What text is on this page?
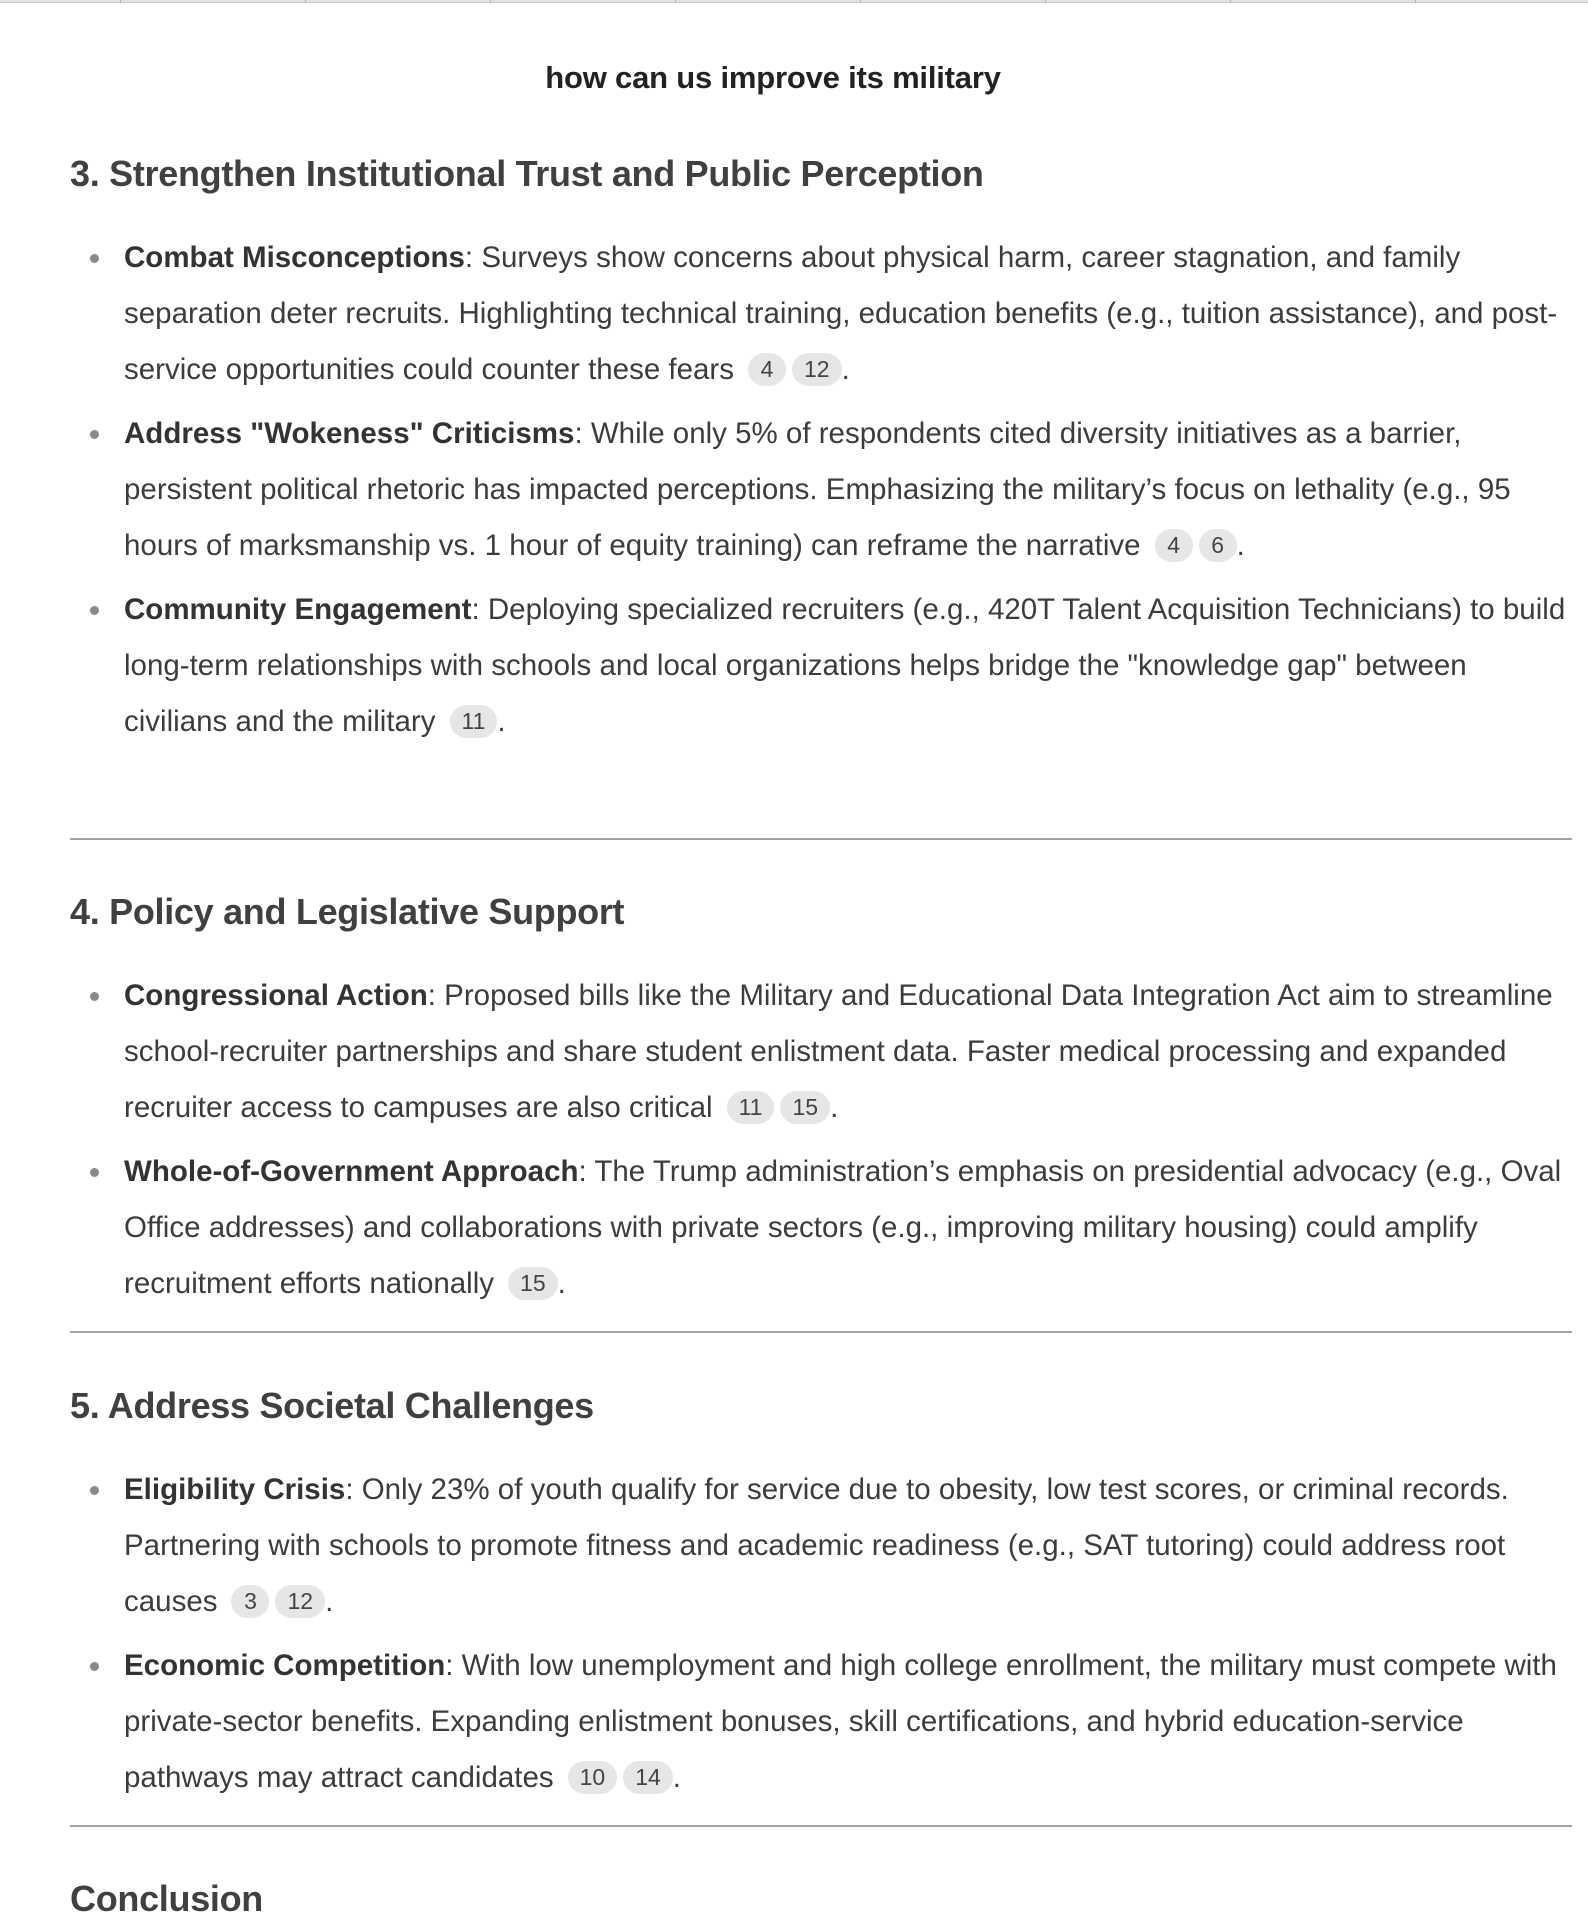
how can us improve its military
3. Strengthen Institutional Trust and Public Perception
Combat Misconceptions: Surveys show concerns about physical harm, career stagnation, and family separation deter recruits. Highlighting technical training, education benefits (e.g., tuition assistance), and post-service opportunities could counter these fears 4 12 .
Address "Wokeness" Criticisms: While only 5% of respondents cited diversity initiatives as a barrier, persistent political rhetoric has impacted perceptions. Emphasizing the military’s focus on lethality (e.g., 95 hours of marksmanship vs. 1 hour of equity training) can reframe the narrative 4 6 .
Community Engagement: Deploying specialized recruiters (e.g., 420T Talent Acquisition Technicians) to build long-term relationships with schools and local organizations helps bridge the "knowledge gap" between civilians and the military 11 .
4. Policy and Legislative Support
Congressional Action: Proposed bills like the Military and Educational Data Integration Act aim to streamline school-recruiter partnerships and share student enlistment data. Faster medical processing and expanded recruiter access to campuses are also critical 11 15 .
Whole-of-Government Approach: The Trump administration’s emphasis on presidential advocacy (e.g., Oval Office addresses) and collaborations with private sectors (e.g., improving military housing) could amplify recruitment efforts nationally 15 .
5. Address Societal Challenges
Eligibility Crisis: Only 23% of youth qualify for service due to obesity, low test scores, or criminal records. Partnering with schools to promote fitness and academic readiness (e.g., SAT tutoring) could address root causes 3 12 .
Economic Competition: With low unemployment and high college enrollment, the military must compete with private-sector benefits. Expanding enlistment bonuses, skill certifications, and hybrid education-service pathways may attract candidates 10 14 .
Conclusion
